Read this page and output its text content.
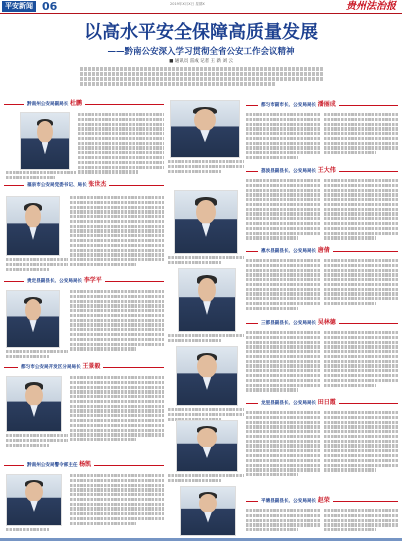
平安新闻 06	2019年X月X日 星期X	贵州法治报
以高水平安全保障高质量发展
——黔南公安深入学习贯彻全省公安工作会议精神
■ 通讯员 雷成 记者 王 新 刘 云
黔南州公安局副局长 杜鹏
福泉市公安局党委书记、局长 张世杰
贵定县副县长、公安局局长 李学平
都匀市公安局开发区分局局长 王景毅
黔南州公安局警令部主任 杨凯
都匀市副市长、公安局局长 潘丽成
荔波县副县长、公安局局长 王大伟
惠水县副县长、公安局局长 唐倩
三都县副县长、公安局局长 吴林德
龙里县副县长、公安局局长 田日霞
平塘县副县长、公安局局长 赵荣
